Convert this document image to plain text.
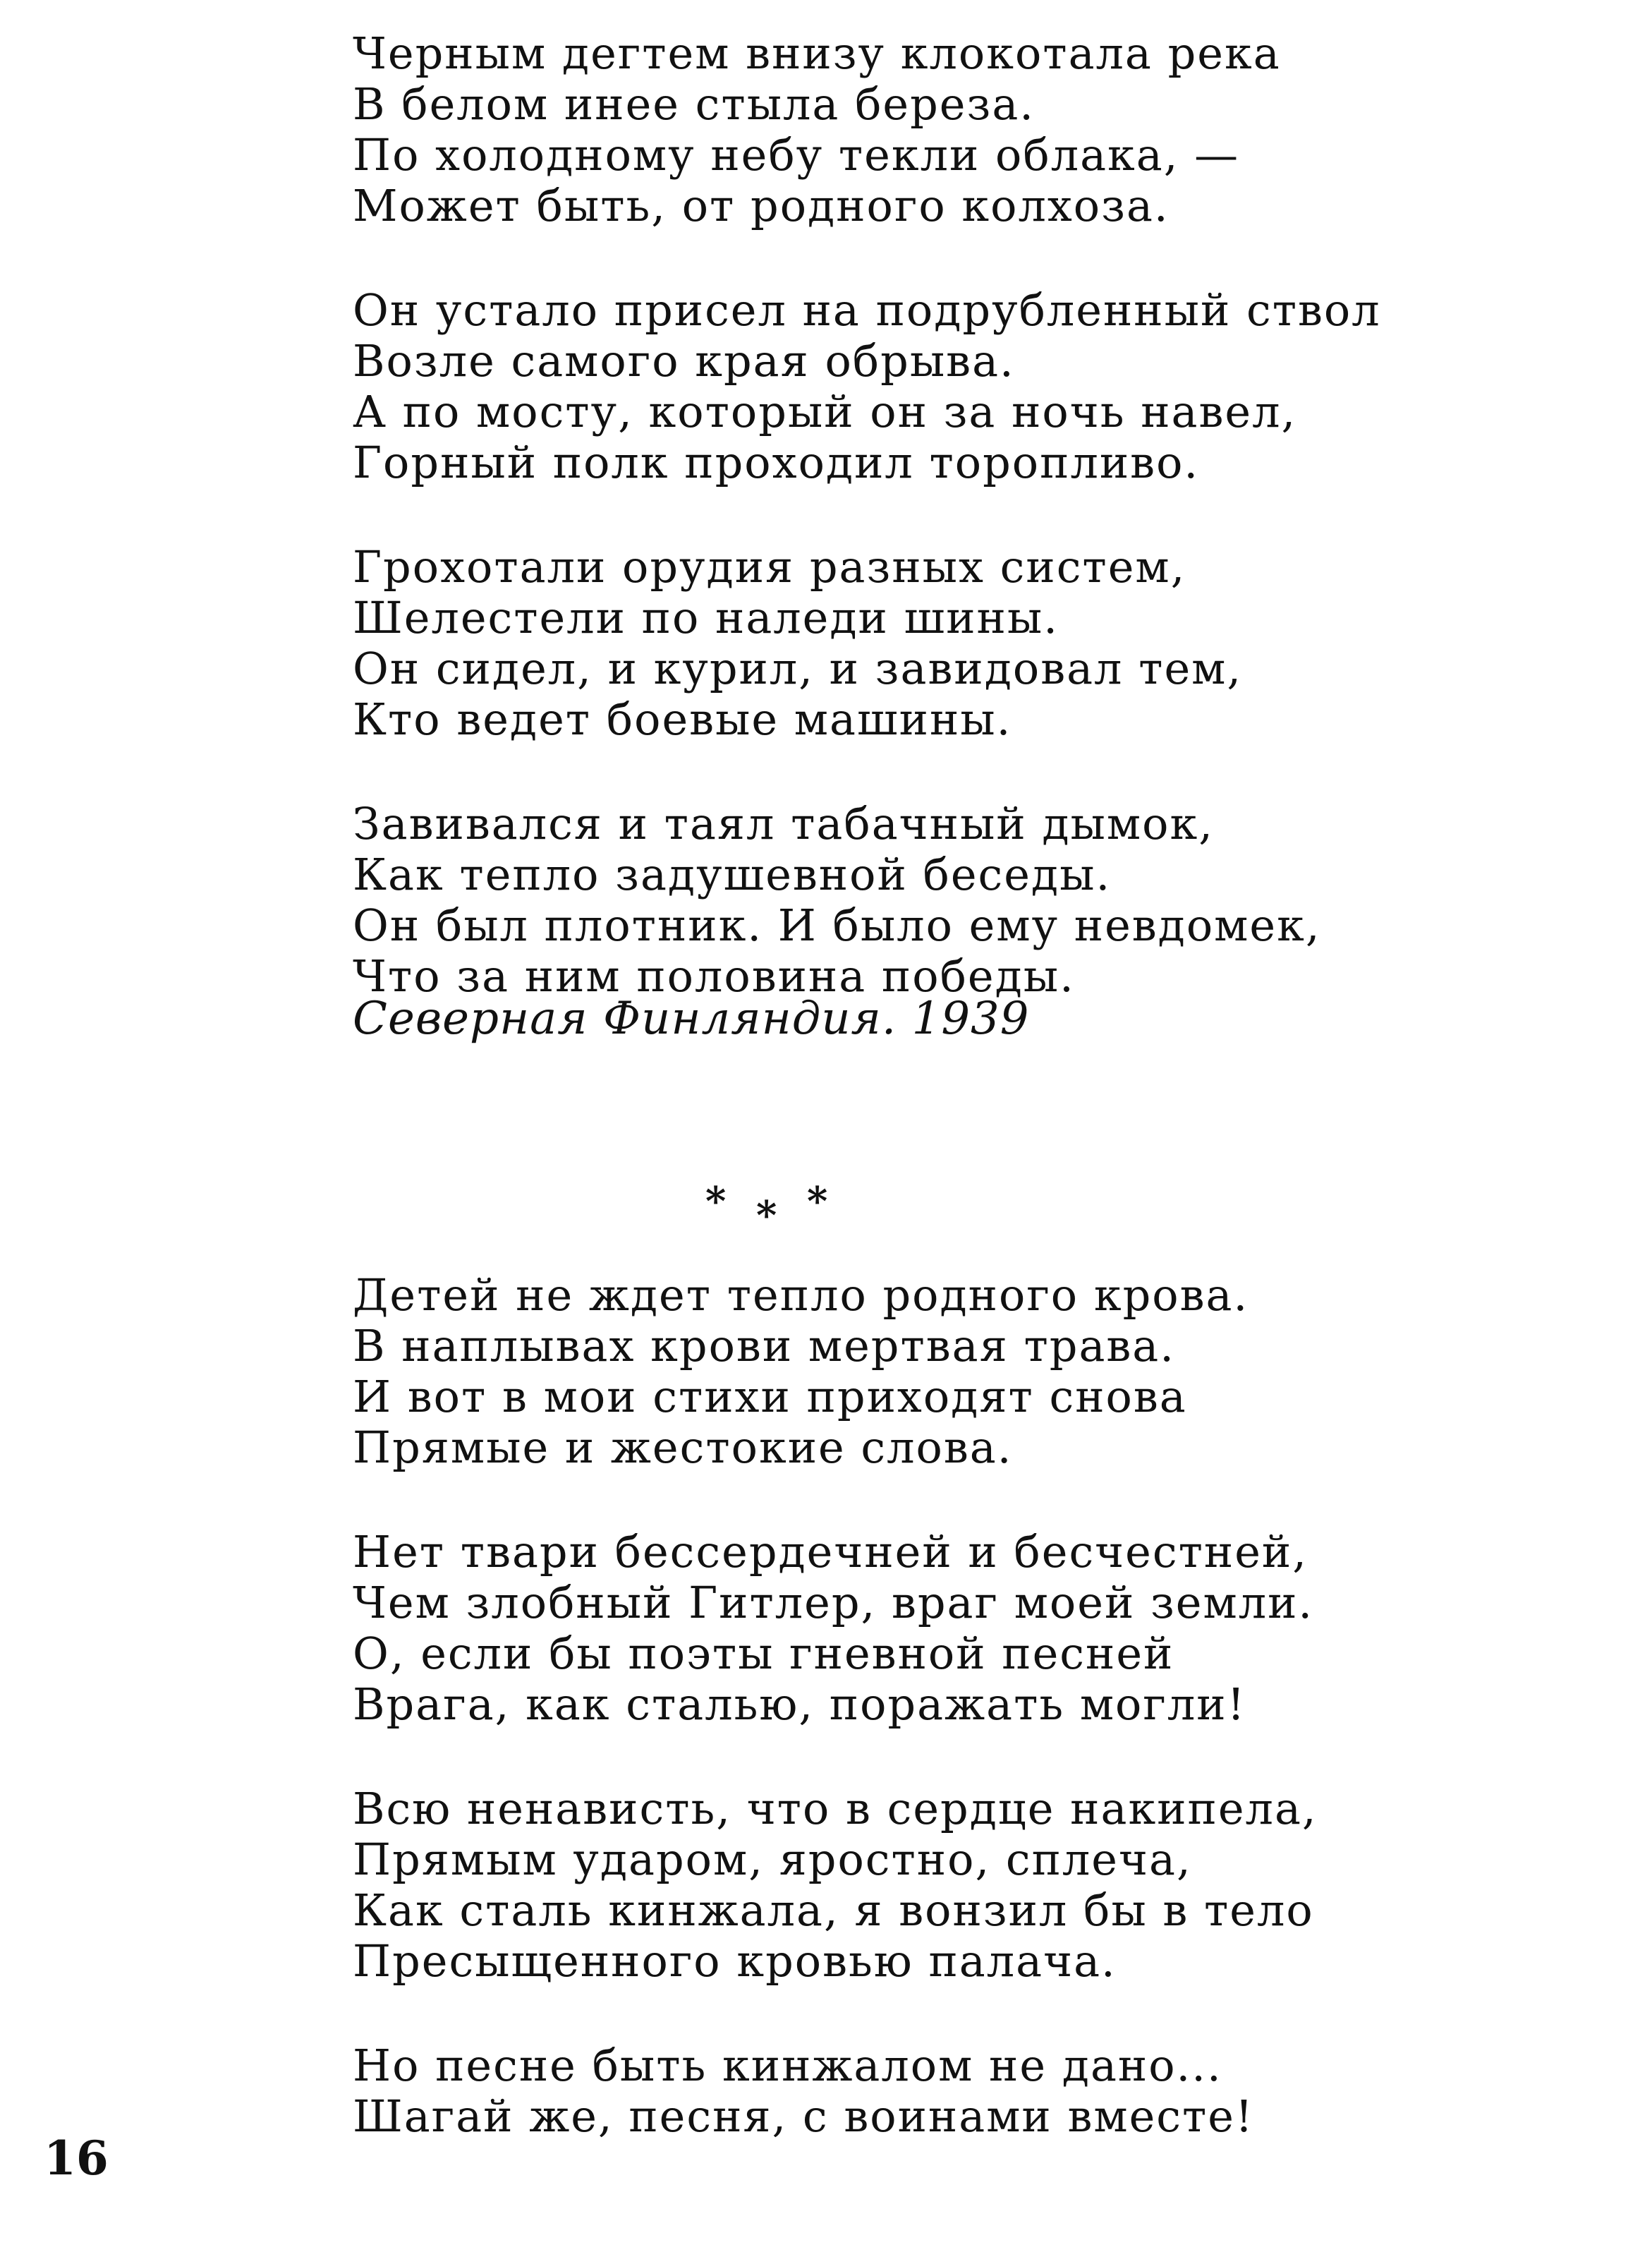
Черным дегтем внизу клокотала река
В белом инее стыла береза.
По холодному небу текли облака, —
Может быть, от родного колхоза.
Он устало присел на подрубленный ствол
Возле самого края обрыва.
А по мосту, который он за ночь навел,
Горный полк проходил торопливо.
Грохотали орудия разных систем,
Шелестели по наледи шины.
Он сидел, и курил, и завидовал тем,
Кто ведет боевые машины.
Завивался и таял табачный дымок,
Как тепло задушевной беседы.
Он был плотник. И было ему невдомек,
Что за ним половина победы.
Северная Финляндия. 1939
* * *
Детей не ждет тепло родного крова.
В наплывах крови мертвая трава.
И вот в мои стихи приходят снова
Прямые и жестокие слова.
Нет твари бессердечней и бесчестней,
Чем злобный Гитлер, враг моей земли.
О, если бы поэты гневной песней
Врага, как сталью, поражать могли!
Всю ненависть, что в сердце накипела,
Прямым ударом, яростно, сплеча,
Как сталь кинжала, я вонзил бы в тело
Пресыщенного кровью палача.
Но песне быть кинжалом не дано...
Шагай же, песня, с воинами вместе!
16
